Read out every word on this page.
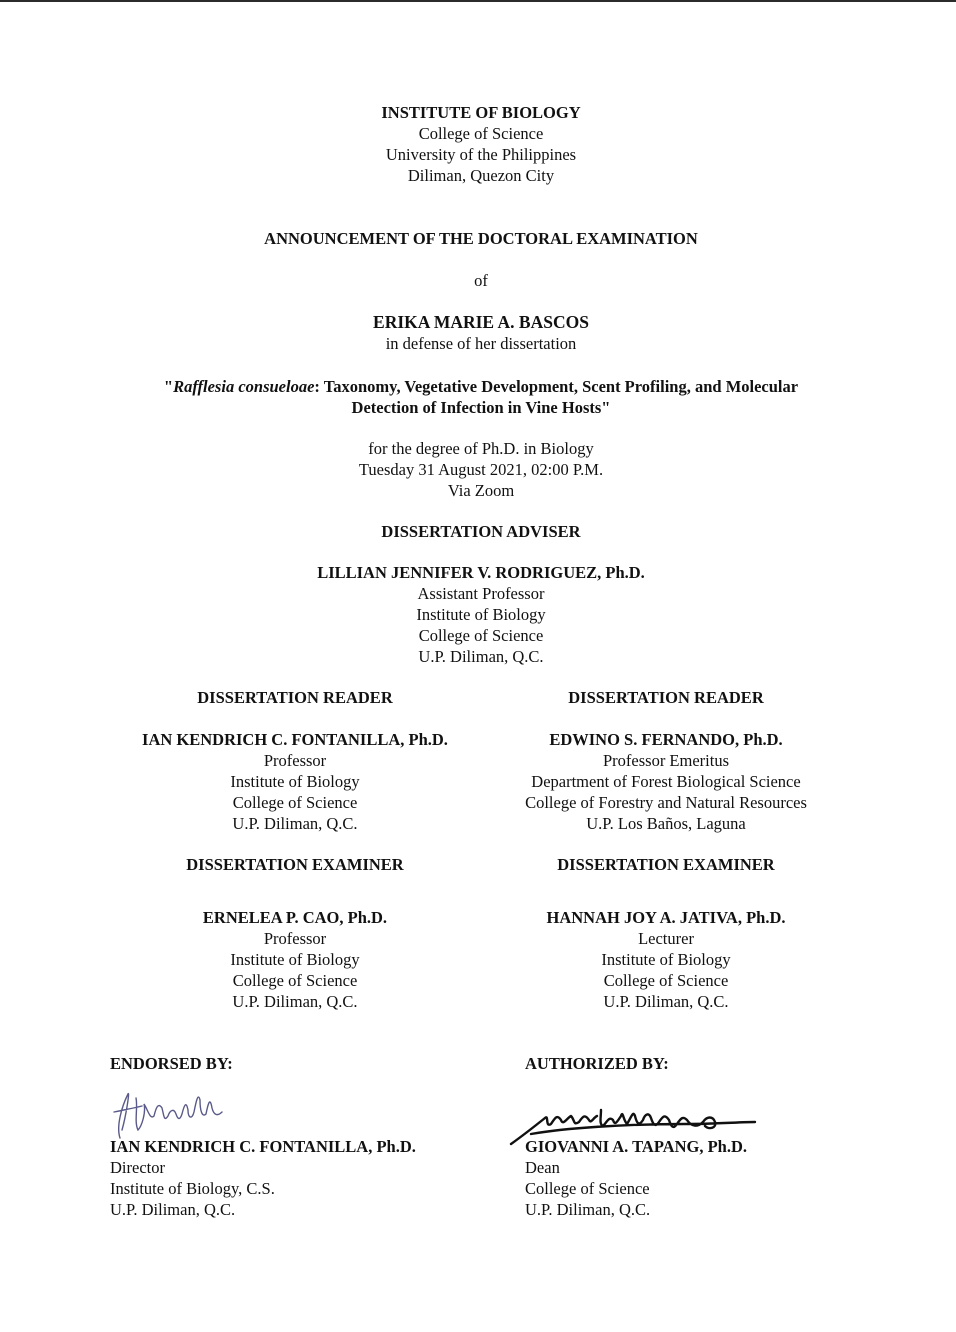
INSTITUTE OF BIOLOGY
College of Science
University of the Philippines
Diliman, Quezon City
ANNOUNCEMENT OF THE DOCTORAL EXAMINATION
of
ERIKA MARIE A. BASCOS
in defense of her dissertation
"Rafflesia consueloae: Taxonomy, Vegetative Development, Scent Profiling, and Molecular
Detection of Infection in Vine Hosts"
for the degree of Ph.D. in Biology
Tuesday 31 August 2021, 02:00 P.M.
Via Zoom
DISSERTATION ADVISER
LILLIAN JENNIFER V. RODRIGUEZ, Ph.D.
Assistant Professor
Institute of Biology
College of Science
U.P. Diliman, Q.C.
DISSERTATION READER
IAN KENDRICH C. FONTANILLA, Ph.D.
Professor
Institute of Biology
College of Science
U.P. Diliman, Q.C.
DISSERTATION READER
EDWINO S. FERNANDO, Ph.D.
Professor Emeritus
Department of Forest Biological Science
College of Forestry and Natural Resources
U.P. Los Baños, Laguna
DISSERTATION EXAMINER
ERNELEA P. CAO, Ph.D.
Professor
Institute of Biology
College of Science
U.P. Diliman, Q.C.
DISSERTATION EXAMINER
HANNAH JOY A. JATIVA, Ph.D.
Lecturer
Institute of Biology
College of Science
U.P. Diliman, Q.C.
ENDORSED BY:
IAN KENDRICH C. FONTANILLA, Ph.D.
Director
Institute of Biology, C.S.
U.P. Diliman, Q.C.
AUTHORIZED BY:
GIOVANNI A. TAPANG, Ph.D.
Dean
College of Science
U.P. Diliman, Q.C.
